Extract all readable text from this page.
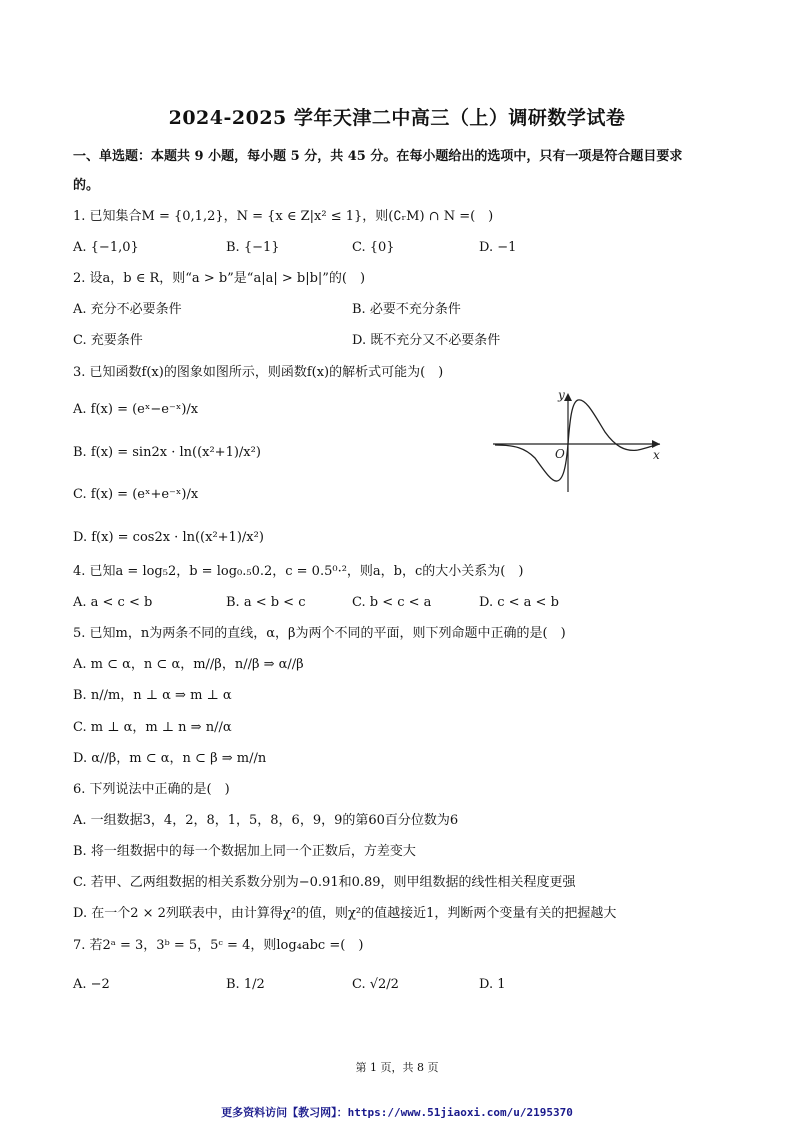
2024-2025 学年天津二中高三（上）调研数学试卷
一、单选题：本题共 9 小题，每小题 5 分，共 45 分。在每小题给出的选项中，只有一项是符合题目要求
的。
1. 已知集合M = {0,1,2}，N = {x ∈ Z|x² ≤ 1}，则(∁ᵣM) ∩ N =(　)
A. {−1,0}	B. {−1}	C. {0}	D. −1
2. 设a，b ∈ R，则“a > b”是“a|a| > b|b|”的(　)
A. 充分不必要条件	B. 必要不充分条件
C. 充要条件	D. 既不充分又不必要条件
3. 已知函数f(x)的图象如图所示，则函数f(x)的解析式可能为(　)
A. f(x) = (eˣ−e⁻ˣ)/x
B. f(x) = sin2x · ln((x²+1)/x²)
C. f(x) = (eˣ+e⁻ˣ)/x
D. f(x) = cos2x · ln((x²+1)/x²)
y
x
O
4. 已知a = log₅2，b = log₀.₅0.2，c = 0.5⁰·²，则a，b，c的大小关系为(　)
A. a < c < b	B. a < b < c	C. b < c < a	D. c < a < b
5. 已知m，n为两条不同的直线，α，β为两个不同的平面，则下列命题中正确的是(　)
A. m ⊂ α，n ⊂ α，m//β，n//β ⇒ α//β
B. n//m，n ⊥ α ⇒ m ⊥ α
C. m ⊥ α，m ⊥ n ⇒ n//α
D. α//β，m ⊂ α，n ⊂ β ⇒ m//n
6. 下列说法中正确的是(　)
A. 一组数据3，4，2，8，1，5，8，6，9，9的第60百分位数为6
B. 将一组数据中的每一个数据加上同一个正数后，方差变大
C. 若甲、乙两组数据的相关系数分别为−0.91和0.89，则甲组数据的线性相关程度更强
D. 在一个2 × 2列联表中，由计算得χ²的值，则χ²的值越接近1，判断两个变量有关的把握越大
7. 若2ᵃ = 3，3ᵇ = 5，5ᶜ = 4，则log₄abc =(　)
A. −2	B. 1/2	C. √2/2	D. 1
第 1 页，共 8 页
更多资料访问【教习网】：https://www.51jiaoxi.com/u/2195370
